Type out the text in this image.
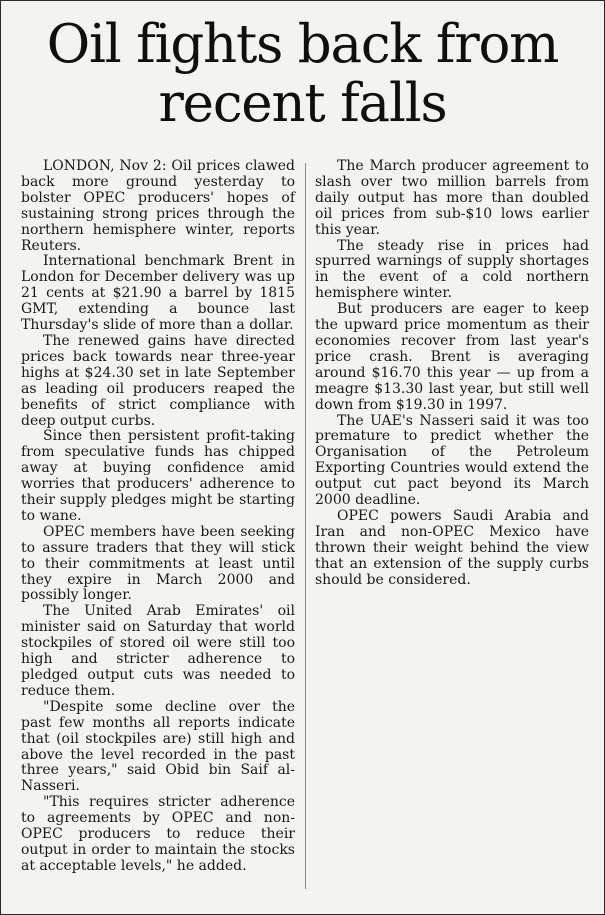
Oil fights back from
recent falls

LONDON, Nov 2: Oil prices clawed back more ground yesterday to bolster OPEC producers' hopes of sustaining strong prices through the northern hemisphere winter, reports Reuters.

International benchmark Brent in London for December delivery was up 21 cents at $21.90 a barrel by 1815 GMT, extending a bounce last Thursday's slide of more than a dollar.

The renewed gains have directed prices back towards near three-year highs at $24.30 set in late September as leading oil producers reaped the benefits of strict compliance with deep output curbs.

Since then persistent profit-taking from speculative funds has chipped away at buying confidence amid worries that producers' adherence to their supply pledges might be starting to wane.

OPEC members have been seeking to assure traders that they will stick to their commitments at least until they expire in March 2000 and possibly longer.

The United Arab Emirates' oil minister said on Saturday that world stockpiles of stored oil were still too high and stricter adherence to pledged output cuts was needed to reduce them.

"Despite some decline over the past few months all reports indicate that (oil stockpiles are) still high and above the level recorded in the past three years," said Obid bin Saif al-Nasseri.

"This requires stricter adherence to agreements by OPEC and non-OPEC producers to reduce their output in order to maintain the stocks at acceptable levels," he added.

The March producer agreement to slash over two million barrels from daily output has more than doubled oil prices from sub-$10 lows earlier this year.

The steady rise in prices had spurred warnings of supply shortages in the event of a cold northern hemisphere winter.

But producers are eager to keep the upward price momentum as their economies recover from last year's price crash. Brent is averaging around $16.70 this year — up from a meagre $13.30 last year, but still well down from $19.30 in 1997.

The UAE's Nasseri said it was too premature to predict whether the Organisation of the Petroleum Exporting Countries would extend the output cut pact beyond its March 2000 deadline.

OPEC powers Saudi Arabia and Iran and non-OPEC Mexico have thrown their weight behind the view that an extension of the supply curbs should be considered.
